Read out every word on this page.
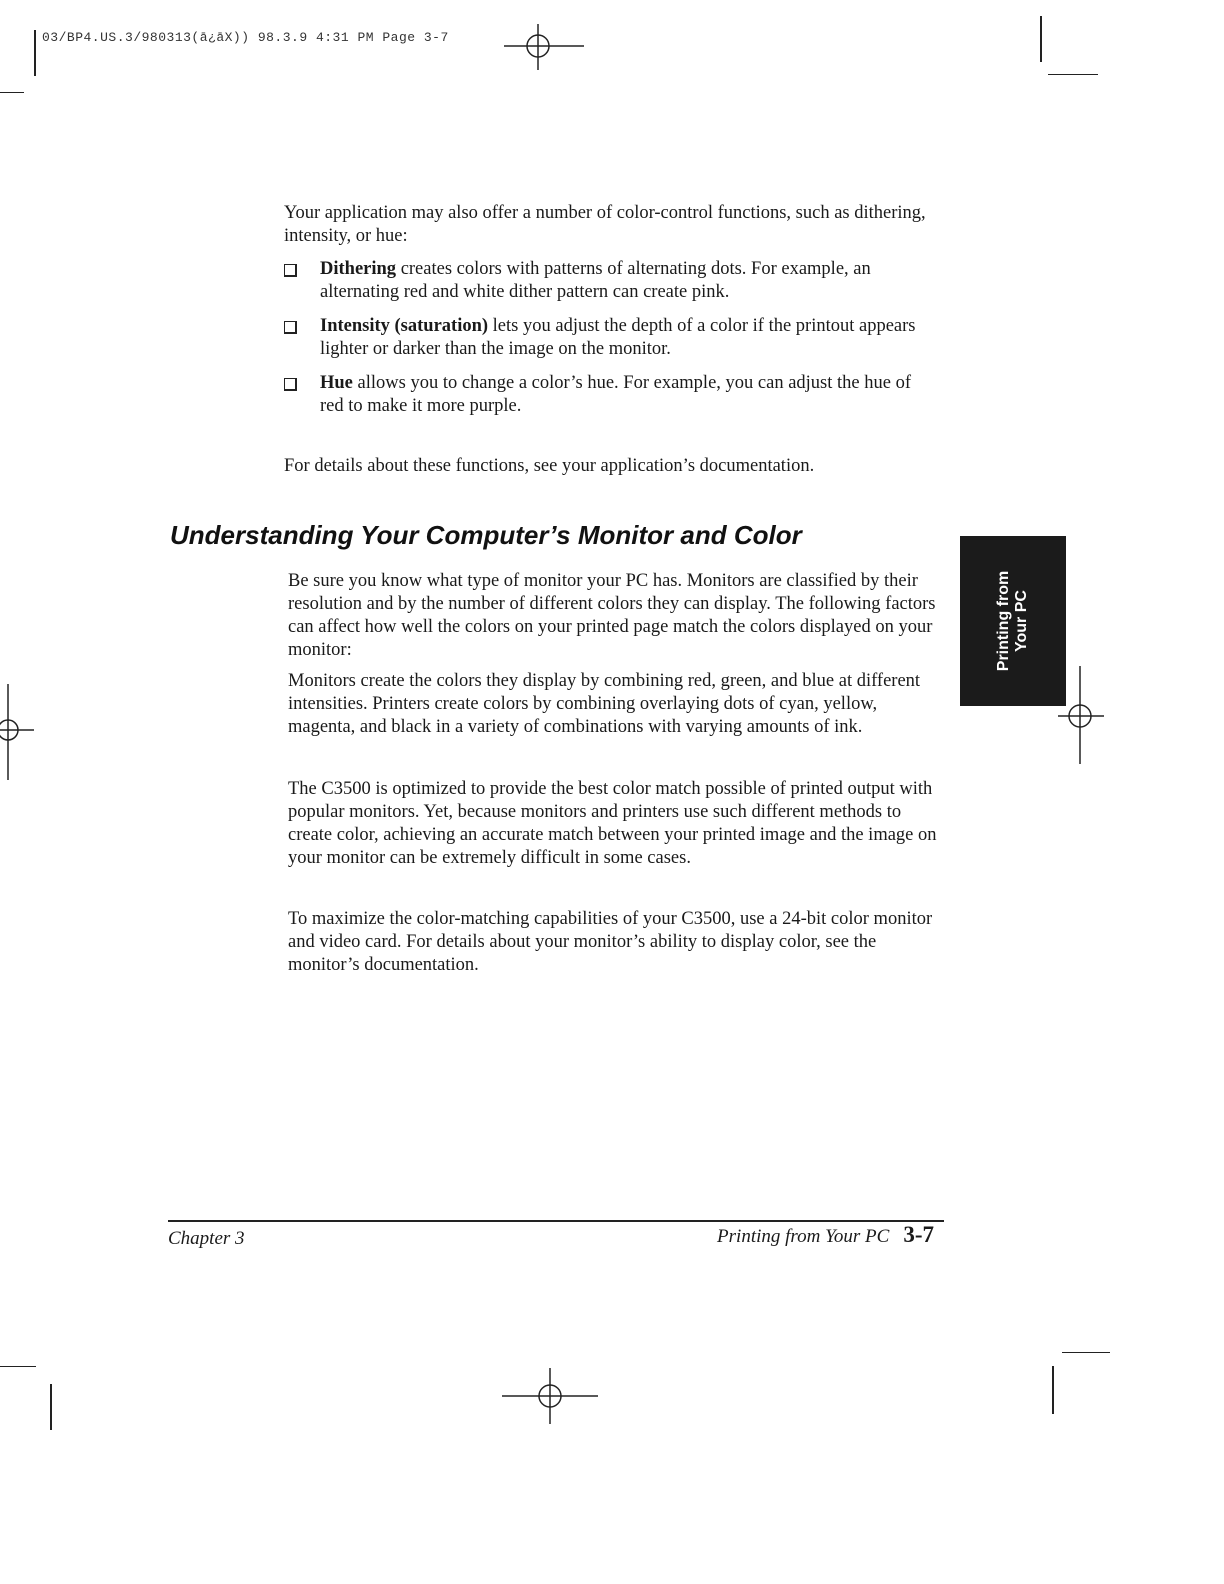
03/BP4.US.3/980313(ā¿āX)) 98.3.9 4:31 PM Page 3-7

Your application may also offer a number of color-control functions, such as dithering, intensity, or hue:

Dithering creates colors with patterns of alternating dots. For example, an alternating red and white dither pattern can create pink.
Intensity (saturation) lets you adjust the depth of a color if the printout appears lighter or darker than the image on the monitor.
Hue allows you to change a color’s hue. For example, you can adjust the hue of red to make it more purple.

For details about these functions, see your application’s documentation.

Understanding Your Computer’s Monitor and Color

Be sure you know what type of monitor your PC has. Monitors are classified by their resolution and by the number of different colors they can display. The following factors can affect how well the colors on your printed page match the colors displayed on your monitor:

Monitors create the colors they display by combining red, green, and blue at different intensities. Printers create colors by combining overlaying dots of cyan, yellow, magenta, and black in a variety of combinations with varying amounts of ink.

The C3500 is optimized to provide the best color match possible of printed output with popular monitors. Yet, because monitors and printers use such different methods to create color, achieving an accurate match between your printed image and the image on your monitor can be extremely difficult in some cases.

To maximize the color-matching capabilities of your C3500, use a 24-bit color monitor and video card. For details about your monitor’s ability to display color, see the monitor’s documentation.

Printing from Your PC
Chapter 3	Printing from Your PC 3-7
